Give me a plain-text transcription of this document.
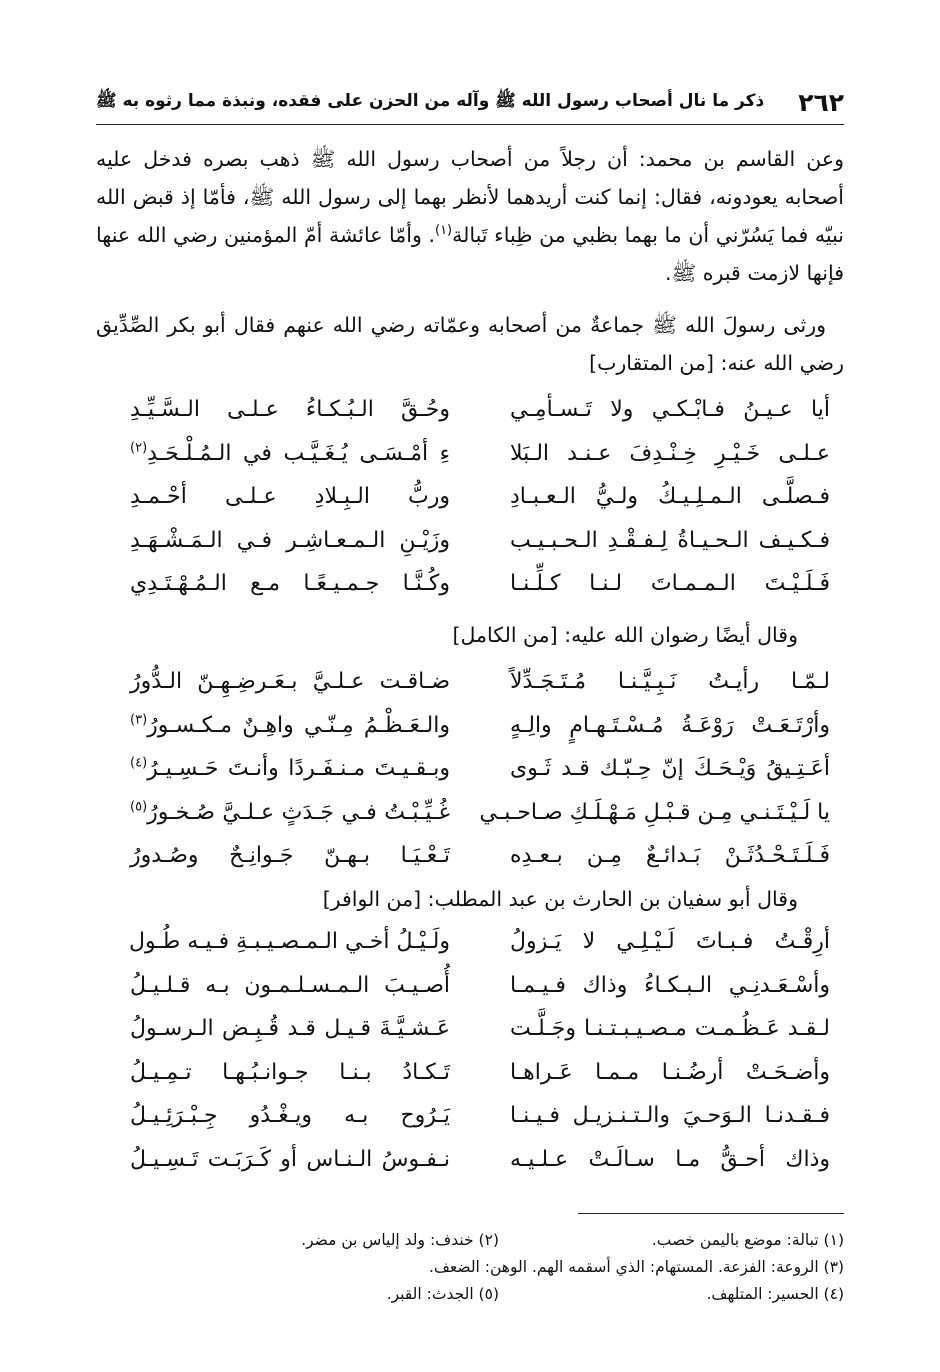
٢٦٢
ذكر ما نال أصحاب رسول الله ﷺ وآله من الحزن على فقده، ونبذة مما رثوه به ﷺ

وعن القاسم بن محمد: أن رجلاً من أصحاب رسول الله ﷺ ذهب بصره فدخل عليه أصحابه يعودونه، فقال: إنما كنت أريدهما لأنظر بهما إلى رسول الله ﷺ، فأمّا إذ قبض الله نبيّه فما يَسُرّني أن ما بهما بظبي من ظِباء تَبالة$^{(١)}$. وأمّا عائشة أمّ المؤمنين رضي الله عنها فإنها لازمت قبره ﷺ.

ورثى رسولَ الله ﷺ جماعةٌ من أصحابه وعمّاته رضي الله عنهم فقال أبو بكر الصِّدِّيق رضي الله عنه: [من المتقارب]

أيا عـيـنُ فـابْـكـي ولا تَـسـأمِـي
وحُـقَّ الـبُـكـاءُ عـلـى الـسَّـيِّـدِ
عـلـى خَـيْـرِ خِـنْـدِفَ عـنـد الـبَلا
ءِ أمْـسَـى يُـغَـيَّـب في الـمُـلْـحَـدِ$^{(٢)}$
فـصلَّـى الـمـلِـيـكُ ولـيُّ الـعـبـادِ
وربُّ الـبِـلادِ عـلـى أحْـمـدِ
فـكـيـف الـحـيـاةُ لِـفـقْـدِ الـحـبـيـب
وزَيْـنِ الـمـعـاشِـر فـي الـمَـشْـهَـدِ
فَـلَـيْـتَ الـمـمـاتَ لـنـا كـلِّـنـا
وكُـنَّـا جـمـيـعًـا مـع الـمُـهْـتَـدِي
وقال أيضًا رضوان الله عليه: [من الكامل]
لـمّـا رأيـتُ نَـبِـيَّـنـا مُـتَـجَـدِّلاً
ضـاقـت عـلـيَّ بـعَـرضِـهِـنّ الـدُّورُ
وأرْتَـعَـتْ رَوْعَـةُ مُـسْـتَـهـامٍ والِـهٍ
والـعَـظْـمُ مِـنّـي واهِـنٌ مـكـسـورُ$^{(٣)}$
أعَـتِـيقُ وَيْـحَـكَ إنّ حِـبّـك قـد ثَـوى
وبـقـيـتَ مـنـفَـردًا وأنـتَ حَـسِـيـرُ$^{(٤)}$
يا لَـيْـتَـنـي مِـن قـبْـلِ مَـهْـلَـكِ صـاحـبـي
غُـيِّـبْـتُ فـي جَـدَثٍ عـلـيَّ صُـخـورُ$^{(٥)}$
فَـلَـتَـحْـدُثَـنْ بَـدائـعٌ مِـن بـعـدِه
تَـعْـيَـا بـهـنّ جَـوانِـحٌ وصُـدورُ
وقال أبو سفيان بن الحارث بن عبد المطلب: [من الوافر]
أرِقْـتُ فـبـاتَ لَـيْـلِـي لا يَـزولُ
ولَـيْـلُ أخـي الـمـصـيـبـةِ فـيـه طُـول
وأسْـعَـدنِـي الـبـكـاءُ وذاك فـيـمـا
أُصـيـبَ الـمـسـلـمـون بـه قـلـيـلُ
لـقـد عَـظُـمـت مـصـيـبـتـنـا وجَـلَّـت
عَـشـيَّـةَ قـيـل قـد قُـبِـض الـرسـولُ
وأضـحَـتْ أرضُـنـا مـمـا عَـراهـا
تَـكـادُ بـنـا جـوانـبُـهـا تـمِـيـلُ
فـقـدنـا الـوَحـيَ والـتـنـزيـل فـيـنـا
يَـرُوح بـه ويـغْـدُو جِـبْـرَئِـيـلُ
وذاك أحـقُّ مـا سـالَـتْ عـلـيـه
نـفـوسُ الـنـاس أو كَـرَبَـت تَـسِـيـلُ
(١) تبالة: موضع باليمن خصب.
(٢) خندف: ولد إلياس بن مضر.
(٣) الروعة: الفزعة. المستهام: الذي أسقمه الهم. الوهن: الضعف.
(٤) الحسير: المتلهف.
(٥) الجدث: القبر.
